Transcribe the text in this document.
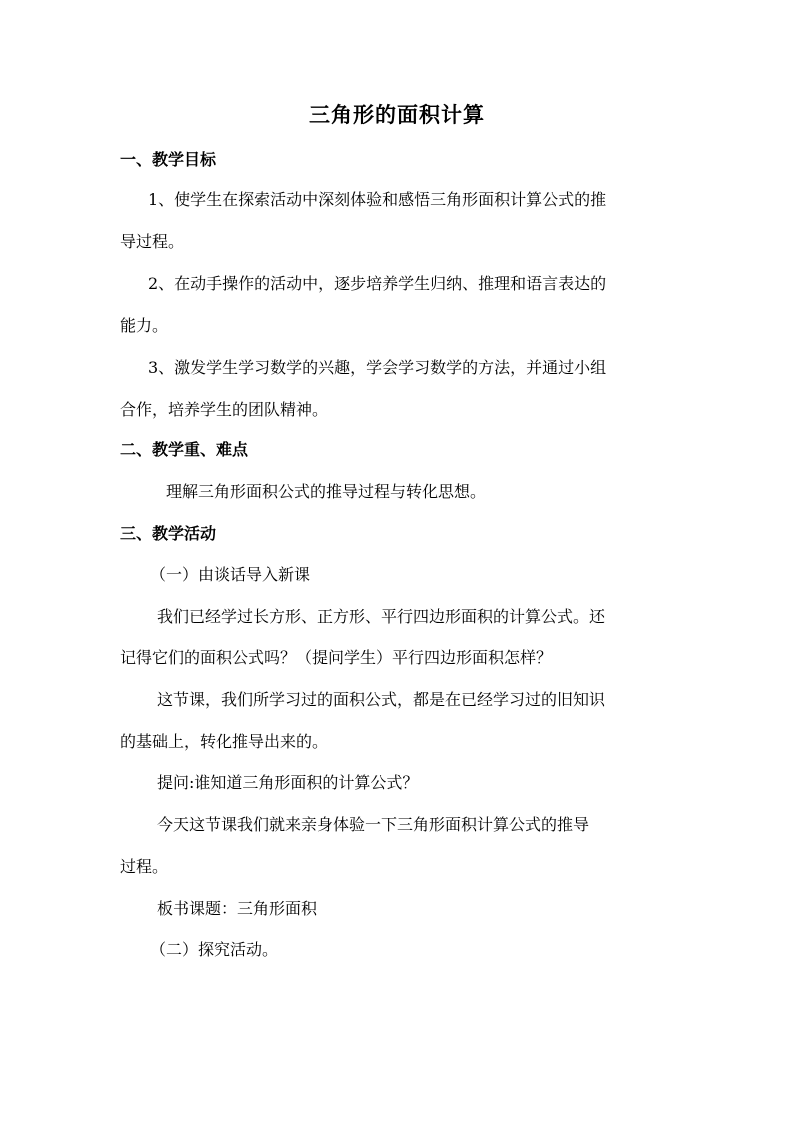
三角形的面积计算
一、教学目标
1、使学生在探索活动中深刻体验和感悟三角形面积计算公式的推
导过程。
2、在动手操作的活动中，逐步培养学生归纳、推理和语言表达的
能力。
3、激发学生学习数学的兴趣，学会学习数学的方法，并通过小组
合作，培养学生的团队精神。
二、教学重、难点
理解三角形面积公式的推导过程与转化思想。
三、教学活动
（一）由谈话导入新课
我们已经学过长方形、正方形、平行四边形面积的计算公式。还
记得它们的面积公式吗？（提问学生）平行四边形面积怎样？
这节课，我们所学习过的面积公式，都是在已经学习过的旧知识
的基础上，转化推导出来的。
提问:谁知道三角形面积的计算公式？
今天这节课我们就来亲身体验一下三角形面积计算公式的推导
过程。
板书课题：三角形面积
（二）探究活动。
